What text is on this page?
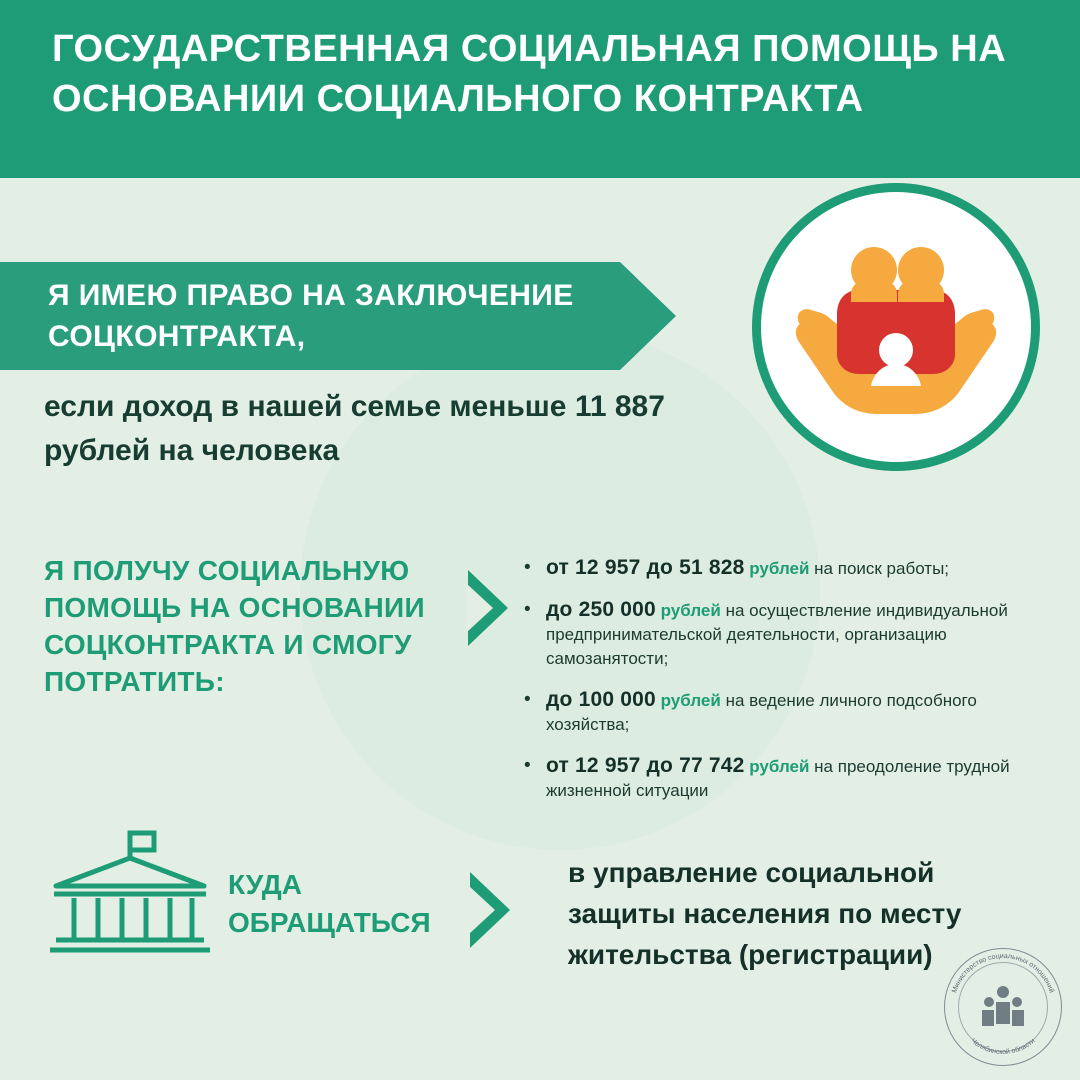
ГОСУДАРСТВЕННАЯ СОЦИАЛЬНАЯ ПОМОЩЬ НА ОСНОВАНИИ СОЦИАЛЬНОГО КОНТРАКТА
Я ИМЕЮ ПРАВО НА ЗАКЛЮЧЕНИЕ СОЦКОНТРАКТА,
если доход в нашей семье меньше 11 887 рублей на человека
Я ПОЛУЧУ СОЦИАЛЬНУЮ ПОМОЩЬ НА ОСНОВАНИИ СОЦКОНТРАКТА И СМОГУ ПОТРАТИТЬ:
• от 12 957 до 51 828 рублей на поиск работы;
• до 250 000 рублей на осуществление индивидуальной предпринимательской деятельности, организацию самозанятости;
• до 100 000 рублей на ведение личного подсобного хозяйства;
• от 12 957 до 77 742 рублей на преодоление трудной жизненной ситуации
КУДА ОБРАЩАТЬСЯ
в управление социальной защиты населения по месту жительства (регистрации)
Министерство социальных отношений
Челябинской области
